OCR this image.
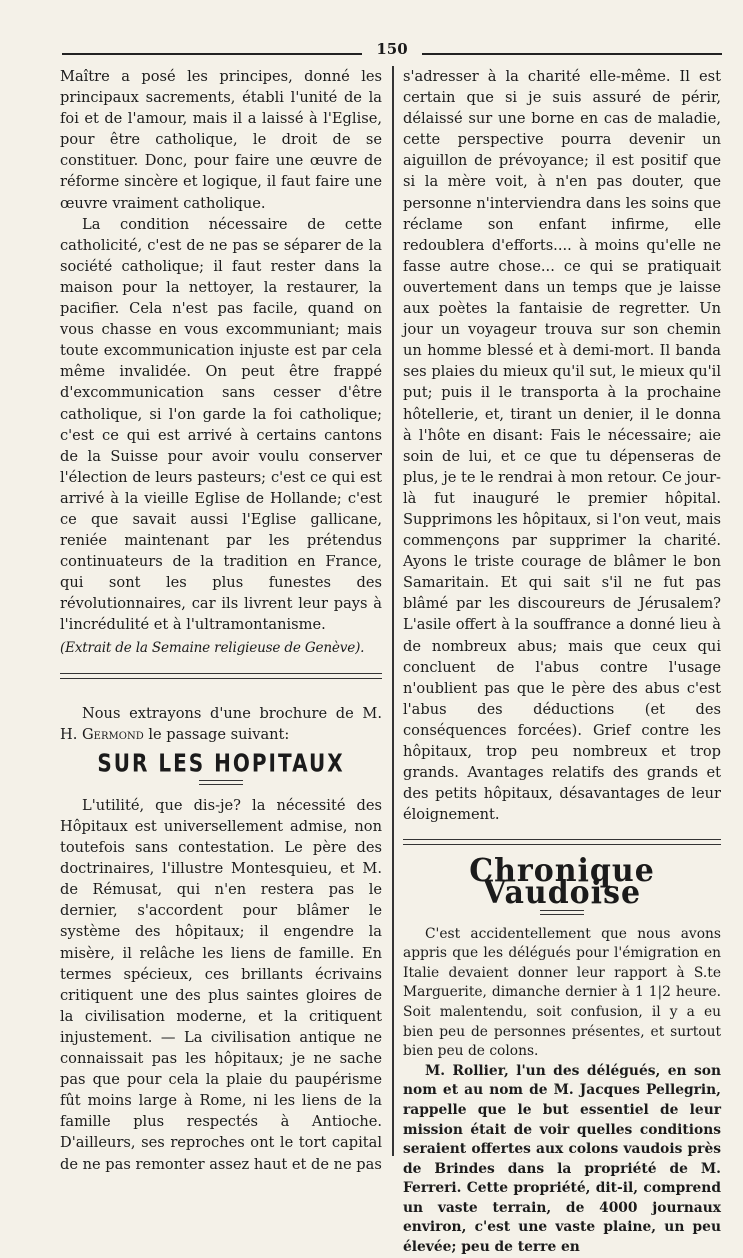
150

Maître a posé les principes, donné les principaux sacrements, établi l'unité de la foi et de l'amour, mais il a laissé à l'Eglise, pour être catholique, le droit de se constituer. Donc, pour faire une œuvre de réforme sincère et logique, il faut faire une œuvre vraiment catholique.

La condition nécessaire de cette catholicité, c'est de ne pas se séparer de la société catholique; il faut rester dans la maison pour la nettoyer, la restaurer, la pacifier. Cela n'est pas facile, quand on vous chasse en vous excommuniant; mais toute excommunication injuste est par cela même invalidée. On peut être frappé d'excommunication sans cesser d'être catholique, si l'on garde la foi catholique; c'est ce qui est arrivé à certains cantons de la Suisse pour avoir voulu conserver l'élection de leurs pasteurs; c'est ce qui est arrivé à la vieille Eglise de Hollande; c'est ce que savait aussi l'Eglise gallicane, reniée maintenant par les prétendus continuateurs de la tradition en France, qui sont les plus funestes des révolutionnaires, car ils livrent leur pays à l'incrédulité et à l'ultramontanisme.

(Extrait de la Semaine religieuse de Genève).

Nous extrayons d'une brochure de M. H. Germond le passage suivant:

SUR LES HOPITAUX

L'utilité, que dis-je? la nécessité des Hôpitaux est universellement admise, non toutefois sans contestation. Le père des doctrinaires, l'illustre Montesquieu, et M. de Rémusat, qui n'en restera pas le dernier, s'accordent pour blâmer le système des hôpitaux; il engendre la misère, il relâche les liens de famille. En termes spécieux, ces brillants écrivains critiquent une des plus saintes gloires de la civilisation moderne, et la critiquent injustement. — La civilisation antique ne connaissait pas les hôpitaux; je ne sache pas que pour cela la plaie du paupérisme fût moins large à Rome, ni les liens de la famille plus respectés à Antioche. D'ailleurs, ses reproches ont le tort capital de ne pas remonter assez haut et de ne pas

s'adresser à la charité elle-même. Il est certain que si je suis assuré de périr, délaissé sur une borne en cas de maladie, cette perspective pourra devenir un aiguillon de prévoyance; il est positif que si la mère voit, à n'en pas douter, que personne n'interviendra dans les soins que réclame son enfant infirme, elle redoublera d'efforts.... à moins qu'elle ne fasse autre chose... ce qui se pratiquait ouvertement dans un temps que je laisse aux poètes la fantaisie de regretter. Un jour un voyageur trouva sur son chemin un homme blessé et à demi-mort. Il banda ses plaies du mieux qu'il sut, le mieux qu'il put; puis il le transporta à la prochaine hôtellerie, et, tirant un denier, il le donna à l'hôte en disant: Fais le nécessaire; aie soin de lui, et ce que tu dépenseras de plus, je te le rendrai à mon retour. Ce jour-là fut inauguré le premier hôpital. Supprimons les hôpitaux, si l'on veut, mais commençons par supprimer la charité. Ayons le triste courage de blâmer le bon Samaritain. Et qui sait s'il ne fut pas blâmé par les discoureurs de Jérusalem? L'asile offert à la souffrance a donné lieu à de nombreux abus; mais que ceux qui concluent de l'abus contre l'usage n'oublient pas que le père des abus c'est l'abus des déductions (et des conséquences forcées). Grief contre les hôpitaux, trop peu nombreux et trop grands. Avantages relatifs des grands et des petits hôpitaux, désavantages de leur éloignement.

Chronique Vaudoise

C'est accidentellement que nous avons appris que les délégués pour l'émigration en Italie devaient donner leur rapport à S.te Marguerite, dimanche dernier à 1 1|2 heure. Soit malentendu, soit confusion, il y a eu bien peu de personnes présentes, et surtout bien peu de colons.

M. Rollier, l'un des délégués, en son nom et au nom de M. Jacques Pellegrin, rappelle que le but essentiel de leur mission était de voir quelles conditions seraient offertes aux colons vaudois près de Brindes dans la propriété de M. Ferreri. Cette propriété, dit-il, comprend un vaste terrain, de 4000 journaux environ, c'est une vaste plaine, un peu élevée; peu de terre en
